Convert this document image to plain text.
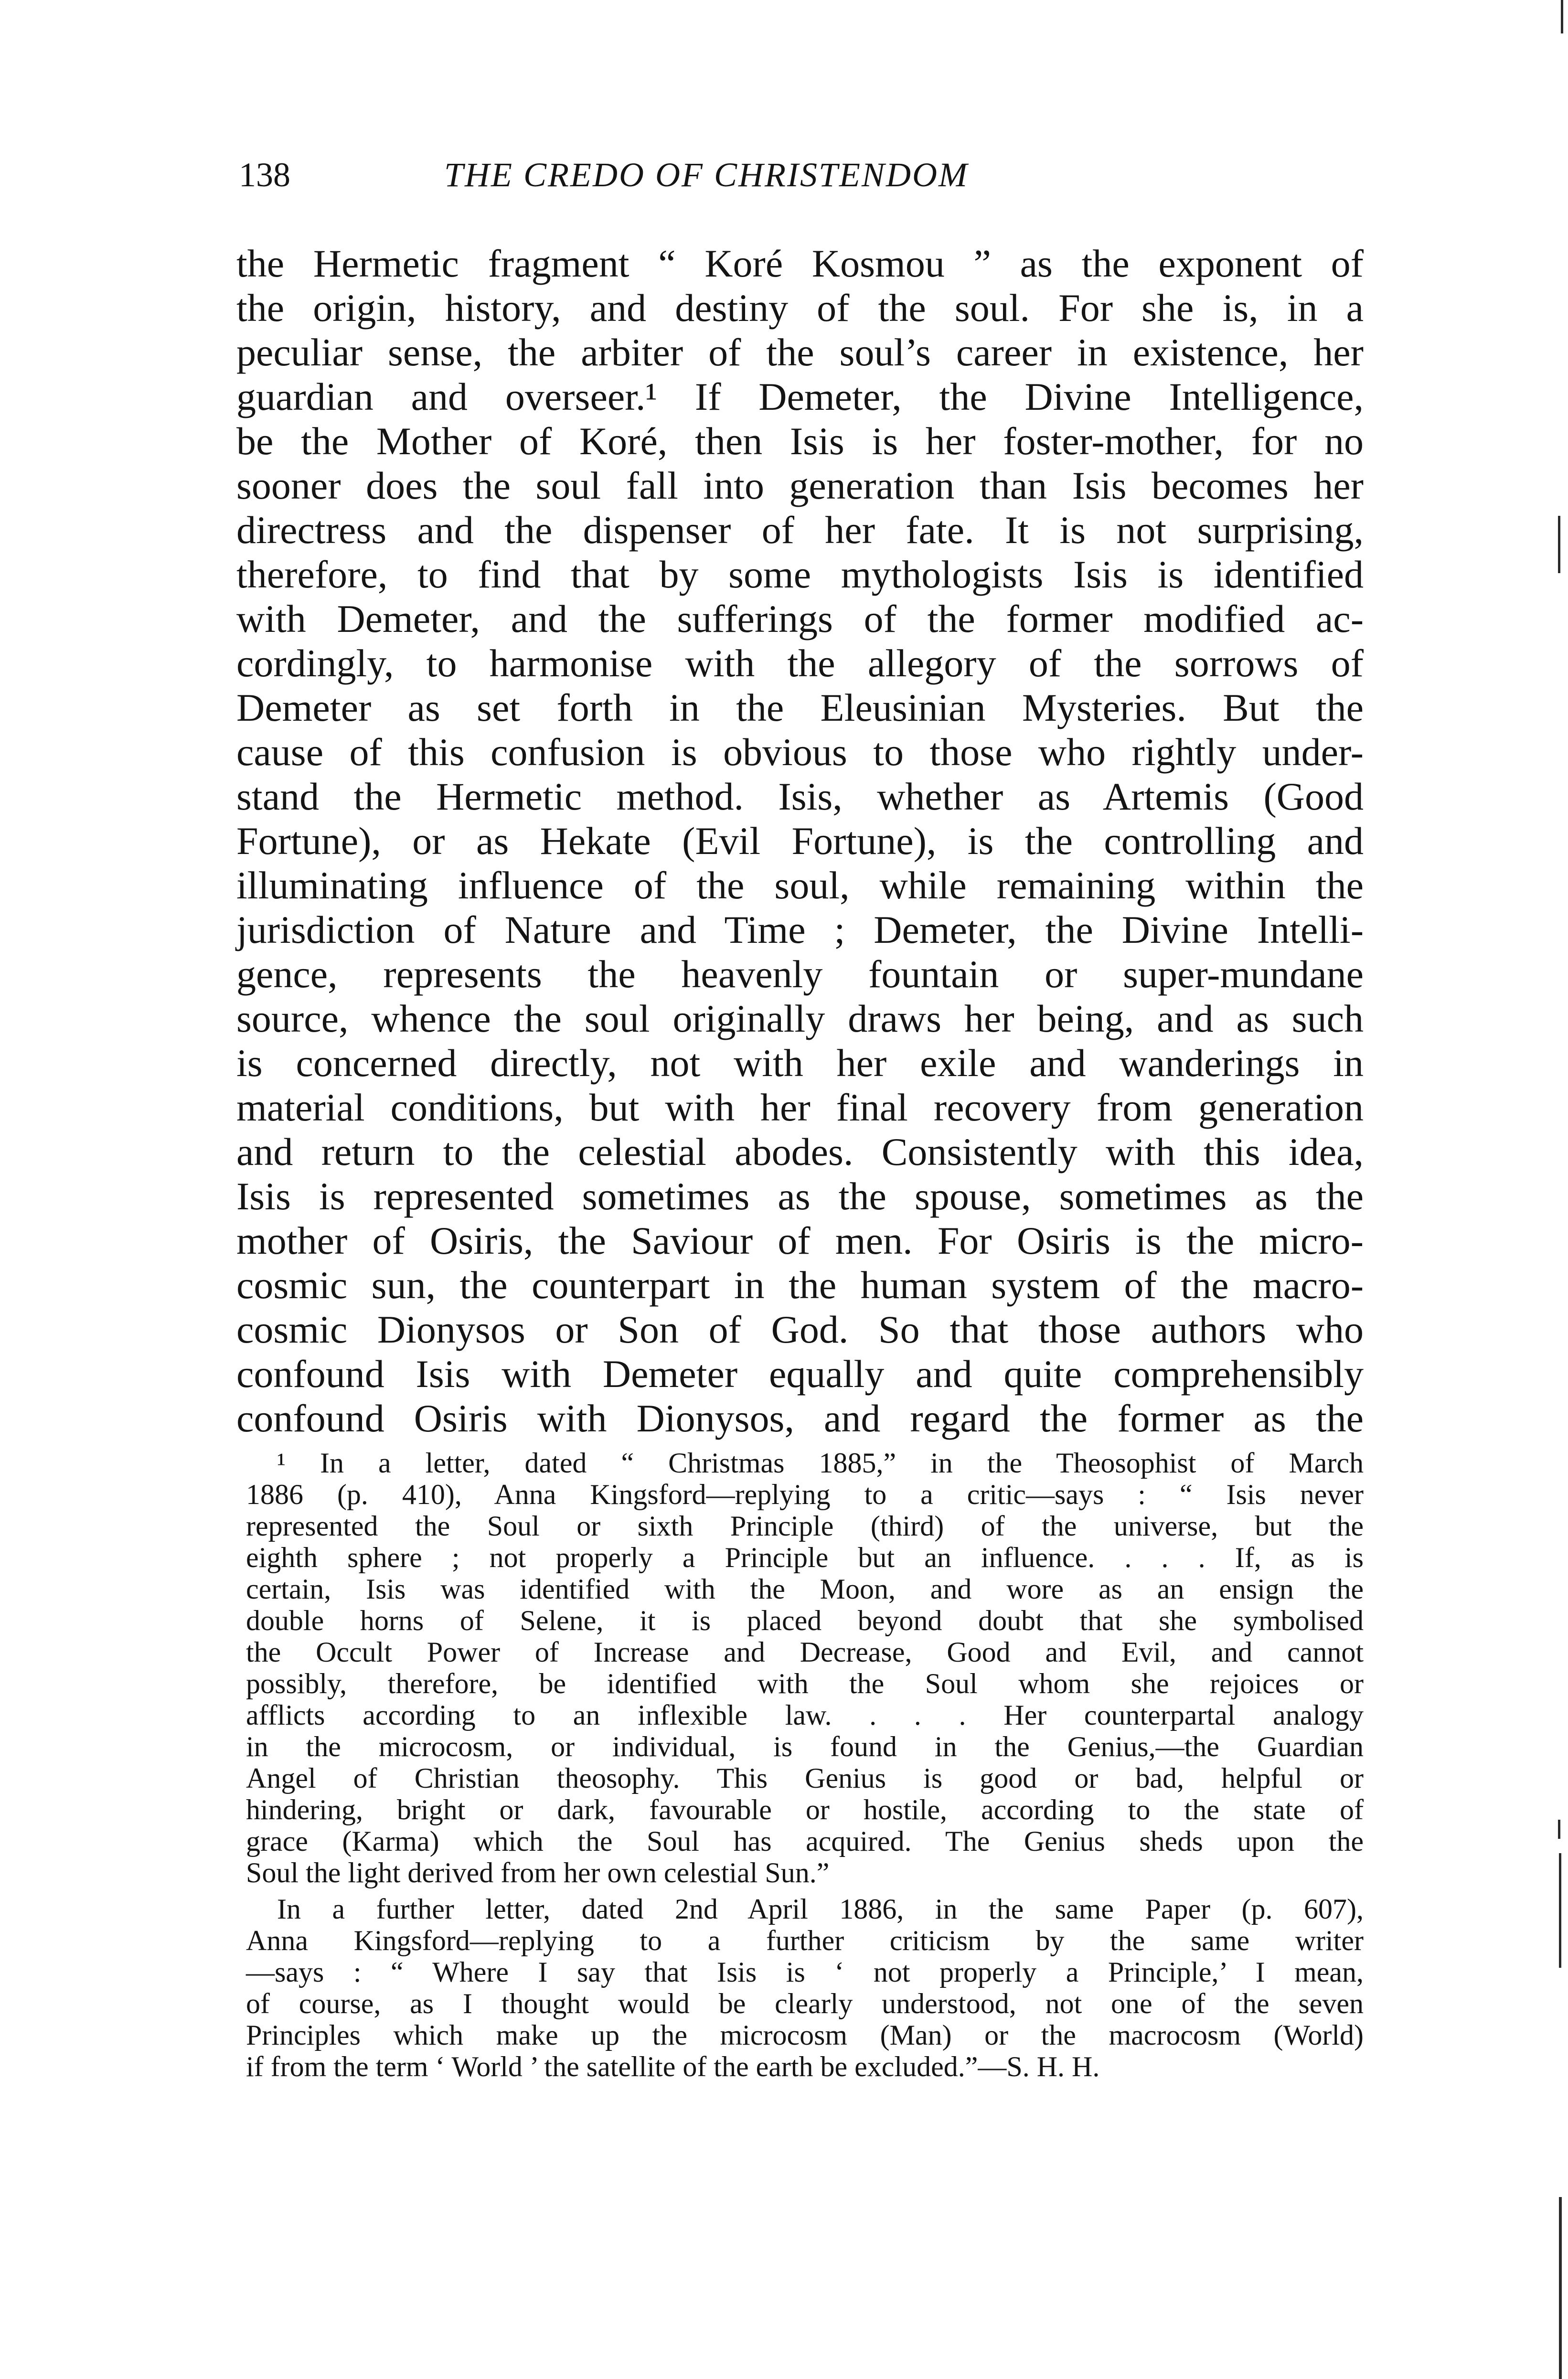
138	THE CREDO OF CHRISTENDOM
the Hermetic fragment “ Koré Kosmou ” as the exponent of
the origin, history, and destiny of the soul. For she is, in a
peculiar sense, the arbiter of the soul’s career in existence, her
guardian and overseer.¹ If Demeter, the Divine Intelligence,
be the Mother of Koré, then Isis is her foster-mother, for no
sooner does the soul fall into generation than Isis becomes her
directress and the dispenser of her fate. It is not surprising,
therefore, to find that by some mythologists Isis is identified
with Demeter, and the sufferings of the former modified ac-
cordingly, to harmonise with the allegory of the sorrows of
Demeter as set forth in the Eleusinian Mysteries. But the
cause of this confusion is obvious to those who rightly under-
stand the Hermetic method. Isis, whether as Artemis (Good
Fortune), or as Hekate (Evil Fortune), is the controlling and
illuminating influence of the soul, while remaining within the
jurisdiction of Nature and Time ; Demeter, the Divine Intelli-
gence, represents the heavenly fountain or super-mundane
source, whence the soul originally draws her being, and as such
is concerned directly, not with her exile and wanderings in
material conditions, but with her final recovery from generation
and return to the celestial abodes. Consistently with this idea,
Isis is represented sometimes as the spouse, sometimes as the
mother of Osiris, the Saviour of men. For Osiris is the micro-
cosmic sun, the counterpart in the human system of the macro-
cosmic Dionysos or Son of God. So that those authors who
confound Isis with Demeter equally and quite comprehensibly
confound Osiris with Dionysos, and regard the former as the
¹ In a letter, dated “ Christmas 1885,” in the Theosophist of March
1886 (p. 410), Anna Kingsford—replying to a critic—says : “ Isis never
represented the Soul or sixth Principle (third) of the universe, but the
eighth sphere ; not properly a Principle but an influence. . . . If, as is
certain, Isis was identified with the Moon, and wore as an ensign the
double horns of Selene, it is placed beyond doubt that she symbolised
the Occult Power of Increase and Decrease, Good and Evil, and cannot
possibly, therefore, be identified with the Soul whom she rejoices or
afflicts according to an inflexible law. . . . Her counterpartal analogy
in the microcosm, or individual, is found in the Genius,—the Guardian
Angel of Christian theosophy. This Genius is good or bad, helpful or
hindering, bright or dark, favourable or hostile, according to the state of
grace (Karma) which the Soul has acquired. The Genius sheds upon the
Soul the light derived from her own celestial Sun.”
In a further letter, dated 2nd April 1886, in the same Paper (p. 607),
Anna Kingsford—replying to a further criticism by the same writer
—says : “ Where I say that Isis is ‘ not properly a Principle,’ I mean,
of course, as I thought would be clearly understood, not one of the seven
Principles which make up the microcosm (Man) or the macrocosm (World)
if from the term ‘ World ’ the satellite of the earth be excluded.”—S. H. H.
